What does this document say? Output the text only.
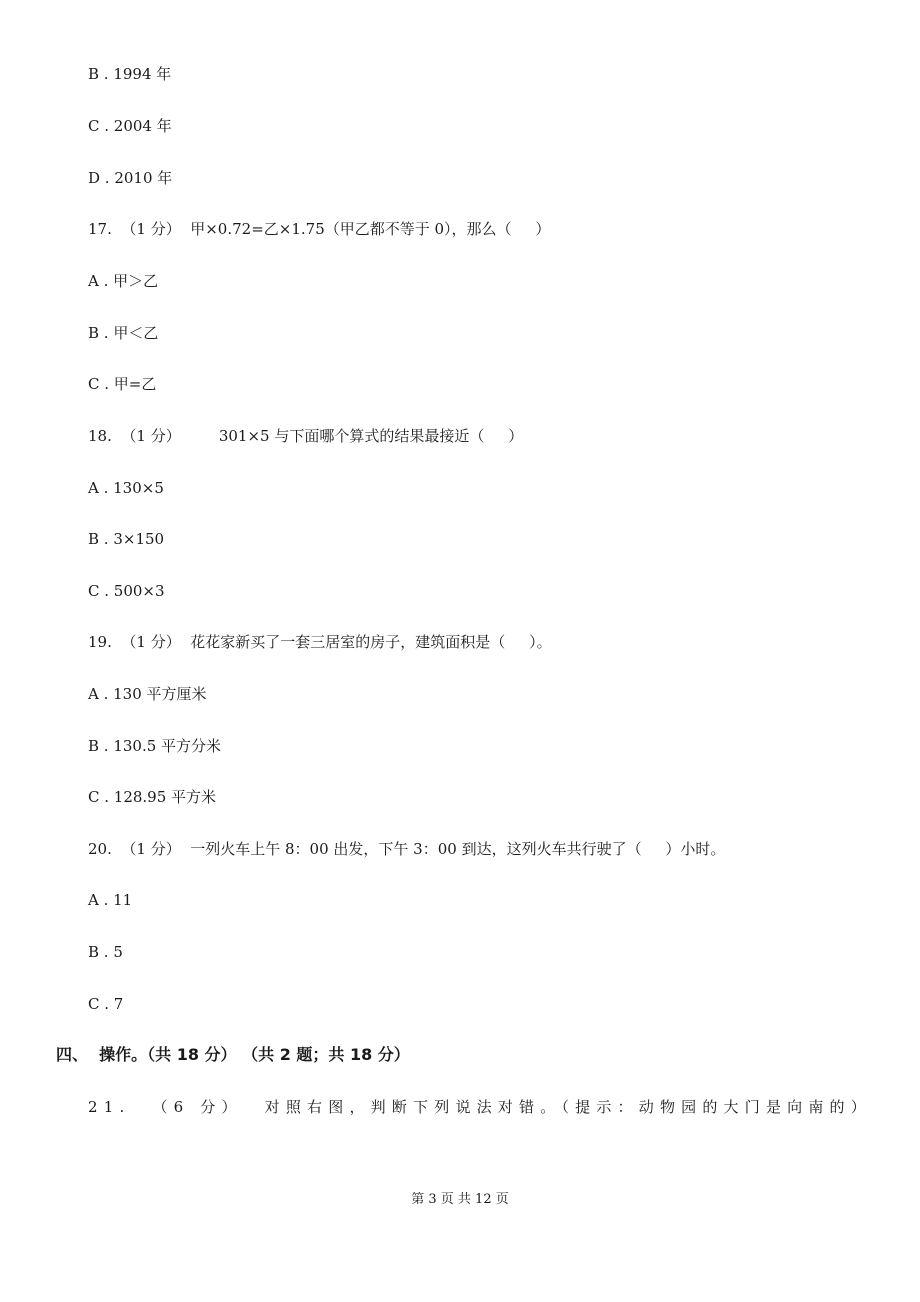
B . 1994 年
C . 2004 年
D . 2010 年
17.  （1 分）  甲×0.72=乙×1.75（甲乙都不等于 0），那么（     ）
A . 甲＞乙
B . 甲＜乙
C . 甲=乙
18.  （1 分）        301×5 与下面哪个算式的结果最接近（     ）
A . 130×5
B . 3×150
C . 500×3
19.  （1 分）  花花家新买了一套三居室的房子，建筑面积是（     ）。
A . 130 平方厘米
B . 130.5 平方分米
C . 128.95 平方米
20.  （1 分）  一列火车上午 8：00 出发，下午 3：00 到达，这列火车共行驶了（     ）小时。
A . 11
B . 5
C . 7
四、  操作。（共 18 分） （共 2 题；共 18 分）
21.  （6 分）  对照右图，判断下列说法对错。（提示：动物园的大门是向南的）
第 3 页 共 12 页
